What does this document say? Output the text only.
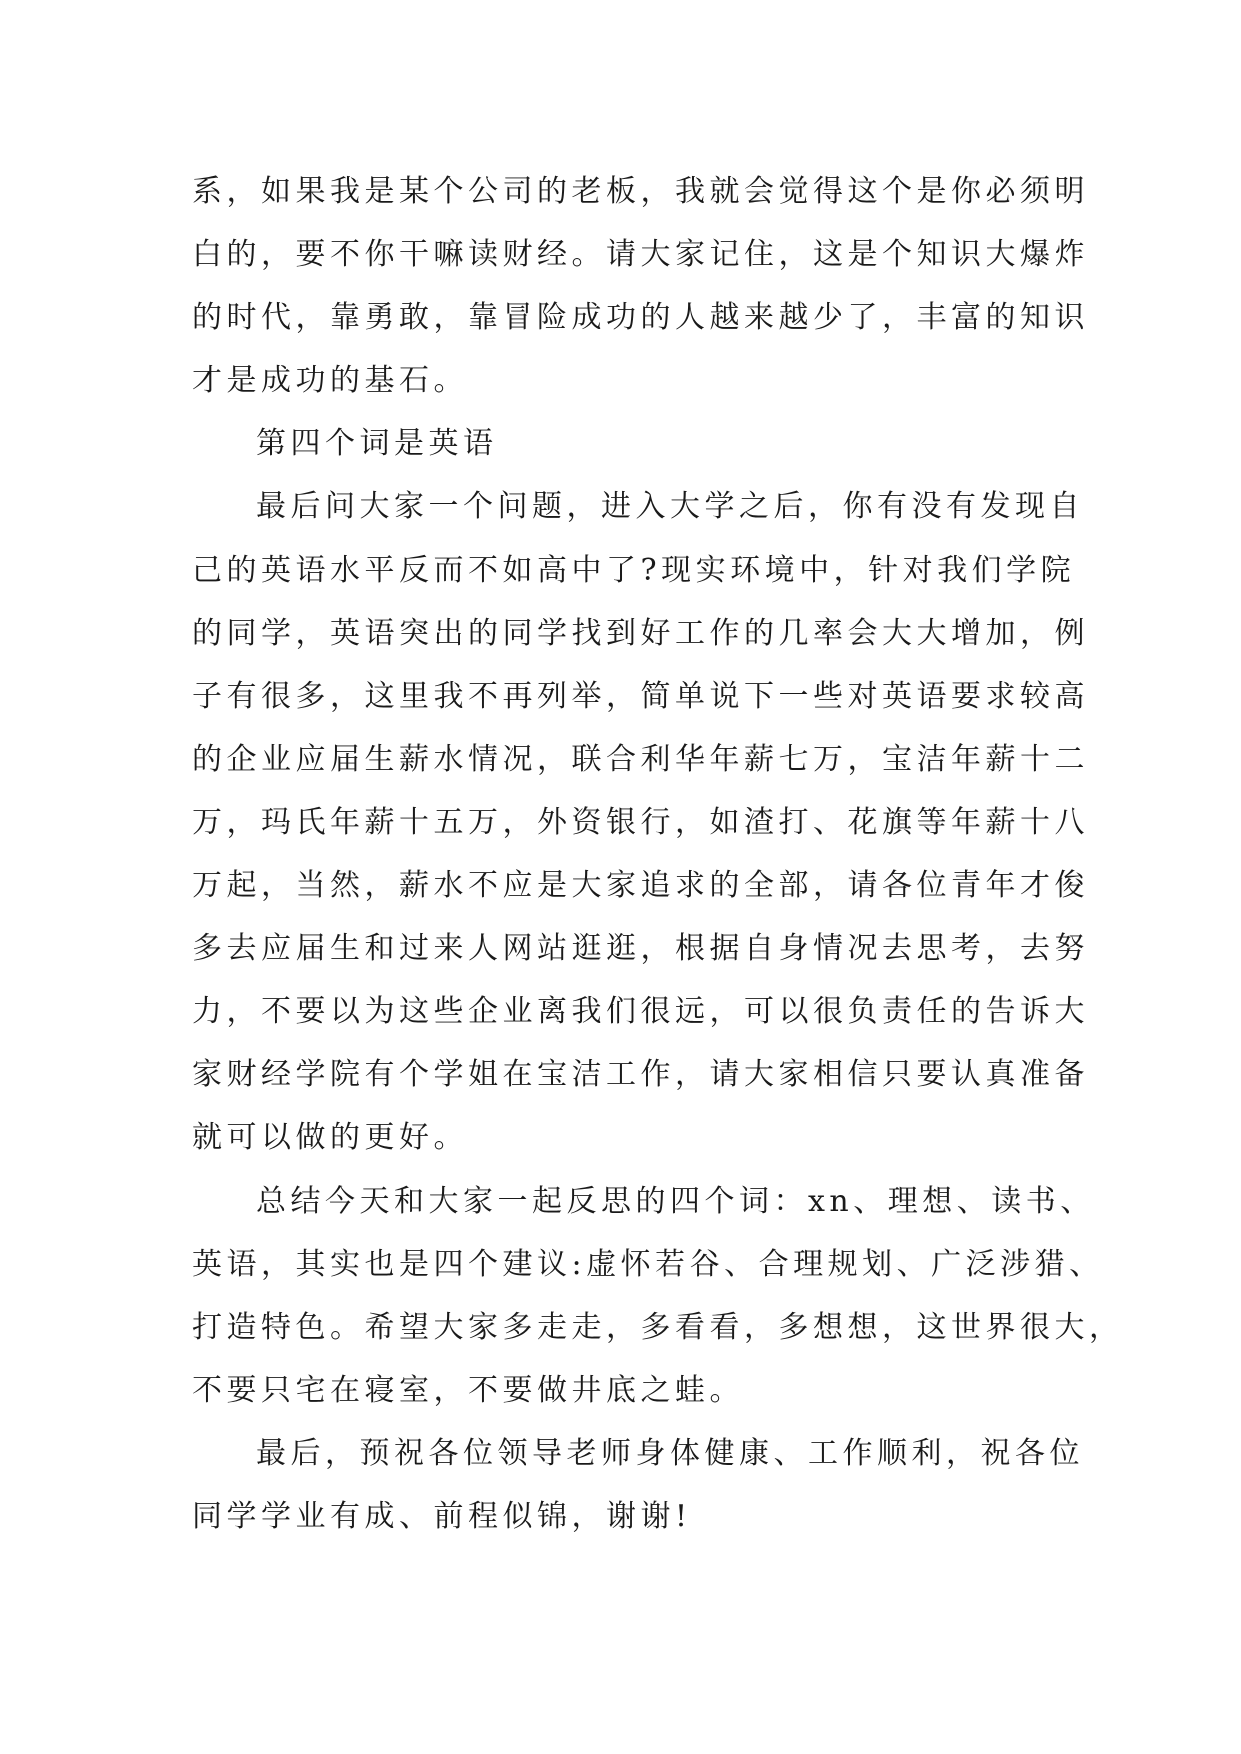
系，如果我是某个公司的老板，我就会觉得这个是你必须明
白的，要不你干嘛读财经。请大家记住，这是个知识大爆炸
的时代，靠勇敢，靠冒险成功的人越来越少了，丰富的知识
才是成功的基石。
第四个词是英语
最后问大家一个问题，进入大学之后，你有没有发现自
己的英语水平反而不如高中了?现实环境中，针对我们学院
的同学，英语突出的同学找到好工作的几率会大大增加，例
子有很多，这里我不再列举，简单说下一些对英语要求较高
的企业应届生薪水情况，联合利华年薪七万，宝洁年薪十二
万，玛氏年薪十五万，外资银行，如渣打、花旗等年薪十八
万起，当然，薪水不应是大家追求的全部，请各位青年才俊
多去应届生和过来人网站逛逛，根据自身情况去思考，去努
力，不要以为这些企业离我们很远，可以很负责任的告诉大
家财经学院有个学姐在宝洁工作，请大家相信只要认真准备
就可以做的更好。
总结今天和大家一起反思的四个词：xn、理想、读书、
英语，其实也是四个建议:虚怀若谷、合理规划、广泛涉猎、
打造特色。希望大家多走走，多看看，多想想，这世界很大，
不要只宅在寝室，不要做井底之蛙。
最后，预祝各位领导老师身体健康、工作顺利，祝各位
同学学业有成、前程似锦，谢谢!
